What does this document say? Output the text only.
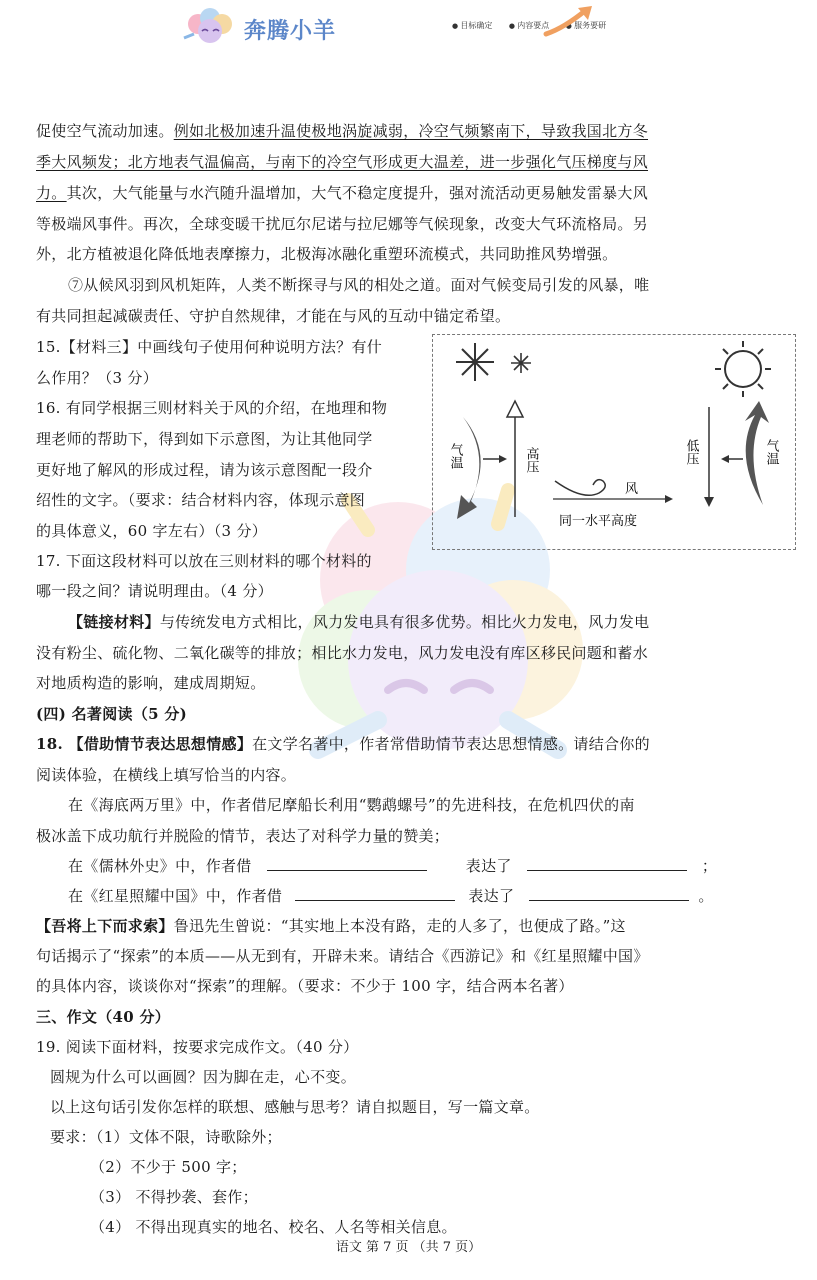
奔腾小羊	● 目标确定	● 内容要点	● 服务要研
促使空气流动加速。例如北极加速升温使极地涡旋减弱，冷空气频繁南下，导致我国北方冬
季大风频发；北方地表气温偏高，与南下的冷空气形成更大温差，进一步强化气压梯度与风
力。其次，大气能量与水汽随升温增加，大气不稳定度提升，强对流活动更易触发雷暴大风
等极端风事件。再次，全球变暖干扰厄尔尼诺与拉尼娜等气候现象，改变大气环流格局。另
外，北方植被退化降低地表摩擦力，北极海冰融化重塑环流模式，共同助推风势增强。
⑦从候风羽到风机矩阵，人类不断探寻与风的相处之道。面对气候变局引发的风暴，唯
有共同担起减碳责任、守护自然规律，才能在与风的互动中锚定希望。
15.【材料三】中画线句子使用何种说明方法？有什
么作用？（3 分）
16. 有同学根据三则材料关于风的介绍，在地理和物
理老师的帮助下，得到如下示意图，为让其他同学
更好地了解风的形成过程，请为该示意图配一段介
绍性的文字。（要求：结合材料内容，体现示意图
的具体意义，60 字左右）（3 分）
17. 下面这段材料可以放在三则材料的哪个材料的
哪一段之间？请说明理由。（4 分）
气温	高压	低压	气温
风
同一水平高度
【链接材料】与传统发电方式相比，风力发电具有很多优势。相比火力发电，风力发电
没有粉尘、硫化物、二氧化碳等的排放；相比水力发电，风力发电没有库区移民问题和蓄水
对地质构造的影响，建成周期短。
(四) 名著阅读（5 分)
18. 【借助情节表达思想情感】在文学名著中，作者常借助情节表达思想情感。请结合你的
阅读体验，在横线上填写恰当的内容。
在《海底两万里》中，作者借尼摩船长利用“鹦鹉螺号”的先进科技，在危机四伏的南
极冰盖下成功航行并脱险的情节，表达了对科学力量的赞美；
在《儒林外史》中，作者借	表达了	；
在《红星照耀中国》中，作者借	表达了	。
【吾将上下而求索】鲁迅先生曾说：“其实地上本没有路，走的人多了，也便成了路。”这
句话揭示了“探索”的本质——从无到有，开辟未来。请结合《西游记》和《红星照耀中国》
的具体内容，谈谈你对“探索”的理解。（要求：不少于 100 字，结合两本名著）
三、作文（40 分）
19. 阅读下面材料，按要求完成作文。（40 分）
圆规为什么可以画圆？因为脚在走，心不变。
以上这句话引发你怎样的联想、感触与思考？请自拟题目，写一篇文章。
要求：（1）文体不限，诗歌除外；
（2）不少于 500 字；
（3） 不得抄袭、套作；
（4） 不得出现真实的地名、校名、人名等相关信息。
语文 第 7 页 （共 7 页）
